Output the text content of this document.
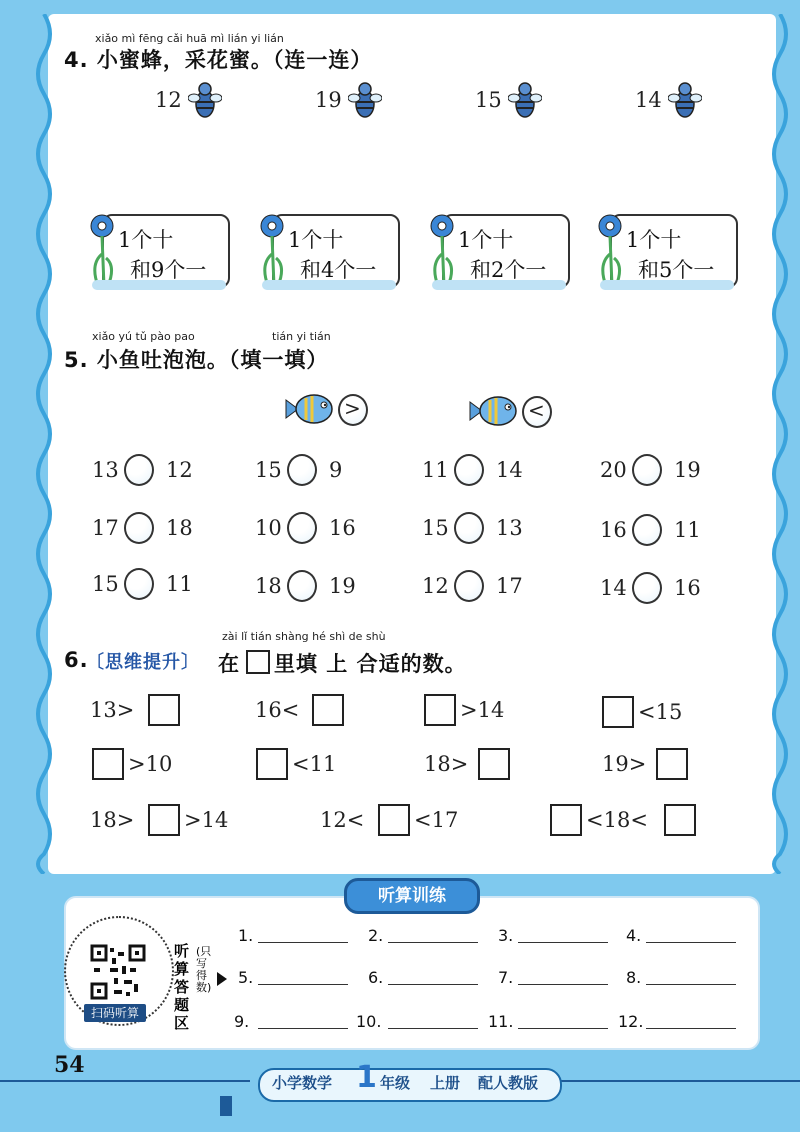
xiǎo mì fēng cǎi huā mì lián yi lián
4. 小蜜蜂，采花蜜。（连一连）
12	19	15	14
1个十
和9个一
1个十
和4个一
1个十
和2个一
1个十
和5个一
xiǎo yú tǔ pào pao	tián yi tián
5. 小鱼吐泡泡。（填一填）
>	<
13 12	15 9	11 14	20 19
17 18	10 16	15 13	16 11
15 11	18 19	12 17	14 16
zài lǐ tián shàng hé shì de shù
6.
〔思维提升〕 在 里填 上 合适的数。
13>	16<	>14	<15
>10	<11	18>	19>
18> >14	12< <17	<18<
听算训练
扫码听算
听算答题区
(只写得数)
1.	2.	3.	4.
5.	6.	7.	8.
9.	10.	11.	12.
54
小学数学 1 年级 上册 配人教版
